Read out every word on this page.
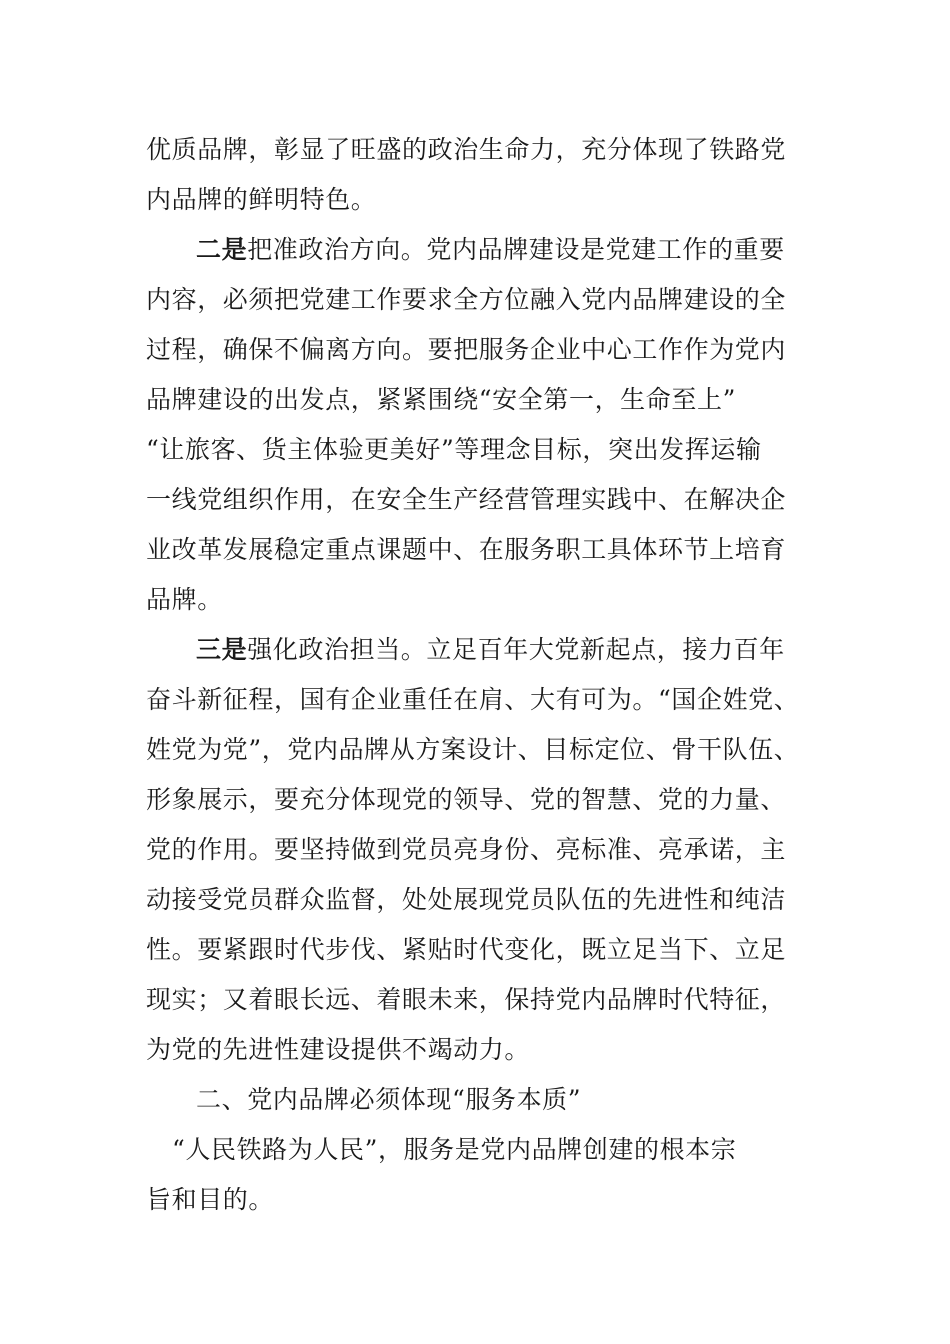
优质品牌，彰显了旺盛的政治生命力，充分体现了铁路党
内品牌的鲜明特色。
二是把准政治方向。党内品牌建设是党建工作的重要
内容，必须把党建工作要求全方位融入党内品牌建设的全
过程，确保不偏离方向。要把服务企业中心工作作为党内
品牌建设的出发点，紧紧围绕“安全第一，生命至上”
“让旅客、货主体验更美好”等理念目标，突出发挥运输
一线党组织作用，在安全生产经营管理实践中、在解决企
业改革发展稳定重点课题中、在服务职工具体环节上培育
品牌。
三是强化政治担当。立足百年大党新起点，接力百年
奋斗新征程，国有企业重任在肩、大有可为。“国企姓党、
姓党为党”，党内品牌从方案设计、目标定位、骨干队伍、
形象展示，要充分体现党的领导、党的智慧、党的力量、
党的作用。要坚持做到党员亮身份、亮标准、亮承诺，主
动接受党员群众监督，处处展现党员队伍的先进性和纯洁
性。要紧跟时代步伐、紧贴时代变化，既立足当下、立足
现实；又着眼长远、着眼未来，保持党内品牌时代特征，
为党的先进性建设提供不竭动力。
二、党内品牌必须体现“服务本质”
“人民铁路为人民”，服务是党内品牌创建的根本宗
旨和目的。
